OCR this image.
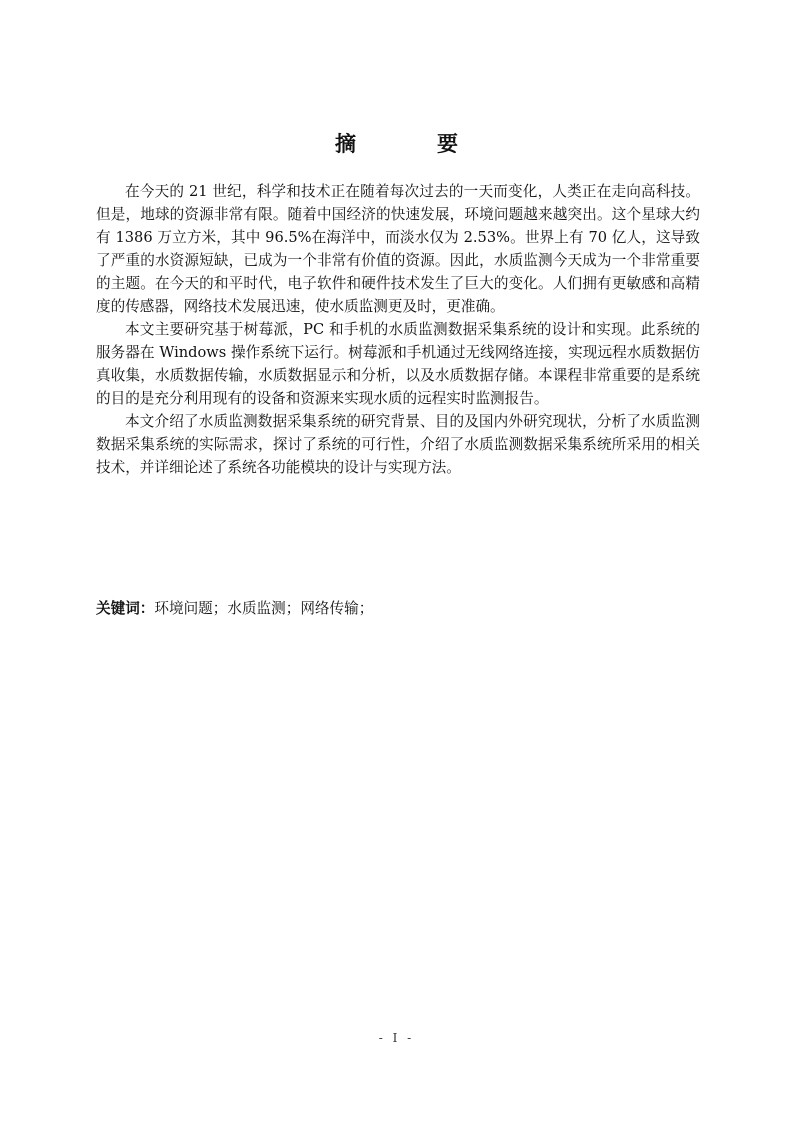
摘　要

在今天的 21 世纪，科学和技术正在随着每次过去的一天而变化，人类正在走向高科技。但是，地球的资源非常有限。随着中国经济的快速发展，环境问题越来越突出。这个星球大约有 1386 万立方米，其中 96.5%在海洋中，而淡水仅为 2.53%。世界上有 70 亿人，这导致了严重的水资源短缺，已成为一个非常有价值的资源。因此，水质监测今天成为一个非常重要的主题。在今天的和平时代，电子软件和硬件技术发生了巨大的变化。人们拥有更敏感和高精度的传感器，网络技术发展迅速，使水质监测更及时，更准确。

本文主要研究基于树莓派，PC 和手机的水质监测数据采集系统的设计和实现。此系统的服务器在 Windows 操作系统下运行。树莓派和手机通过无线网络连接，实现远程水质数据仿真收集，水质数据传输，水质数据显示和分析，以及水质数据存储。本课程非常重要的是系统的目的是充分利用现有的设备和资源来实现水质的远程实时监测报告。

本文介绍了水质监测数据采集系统的研究背景、目的及国内外研究现状，分析了水质监测数据采集系统的实际需求，探讨了系统的可行性，介绍了水质监测数据采集系统所采用的相关技术，并详细论述了系统各功能模块的设计与实现方法。

关键词：环境问题；水质监测；网络传输；
- I -
